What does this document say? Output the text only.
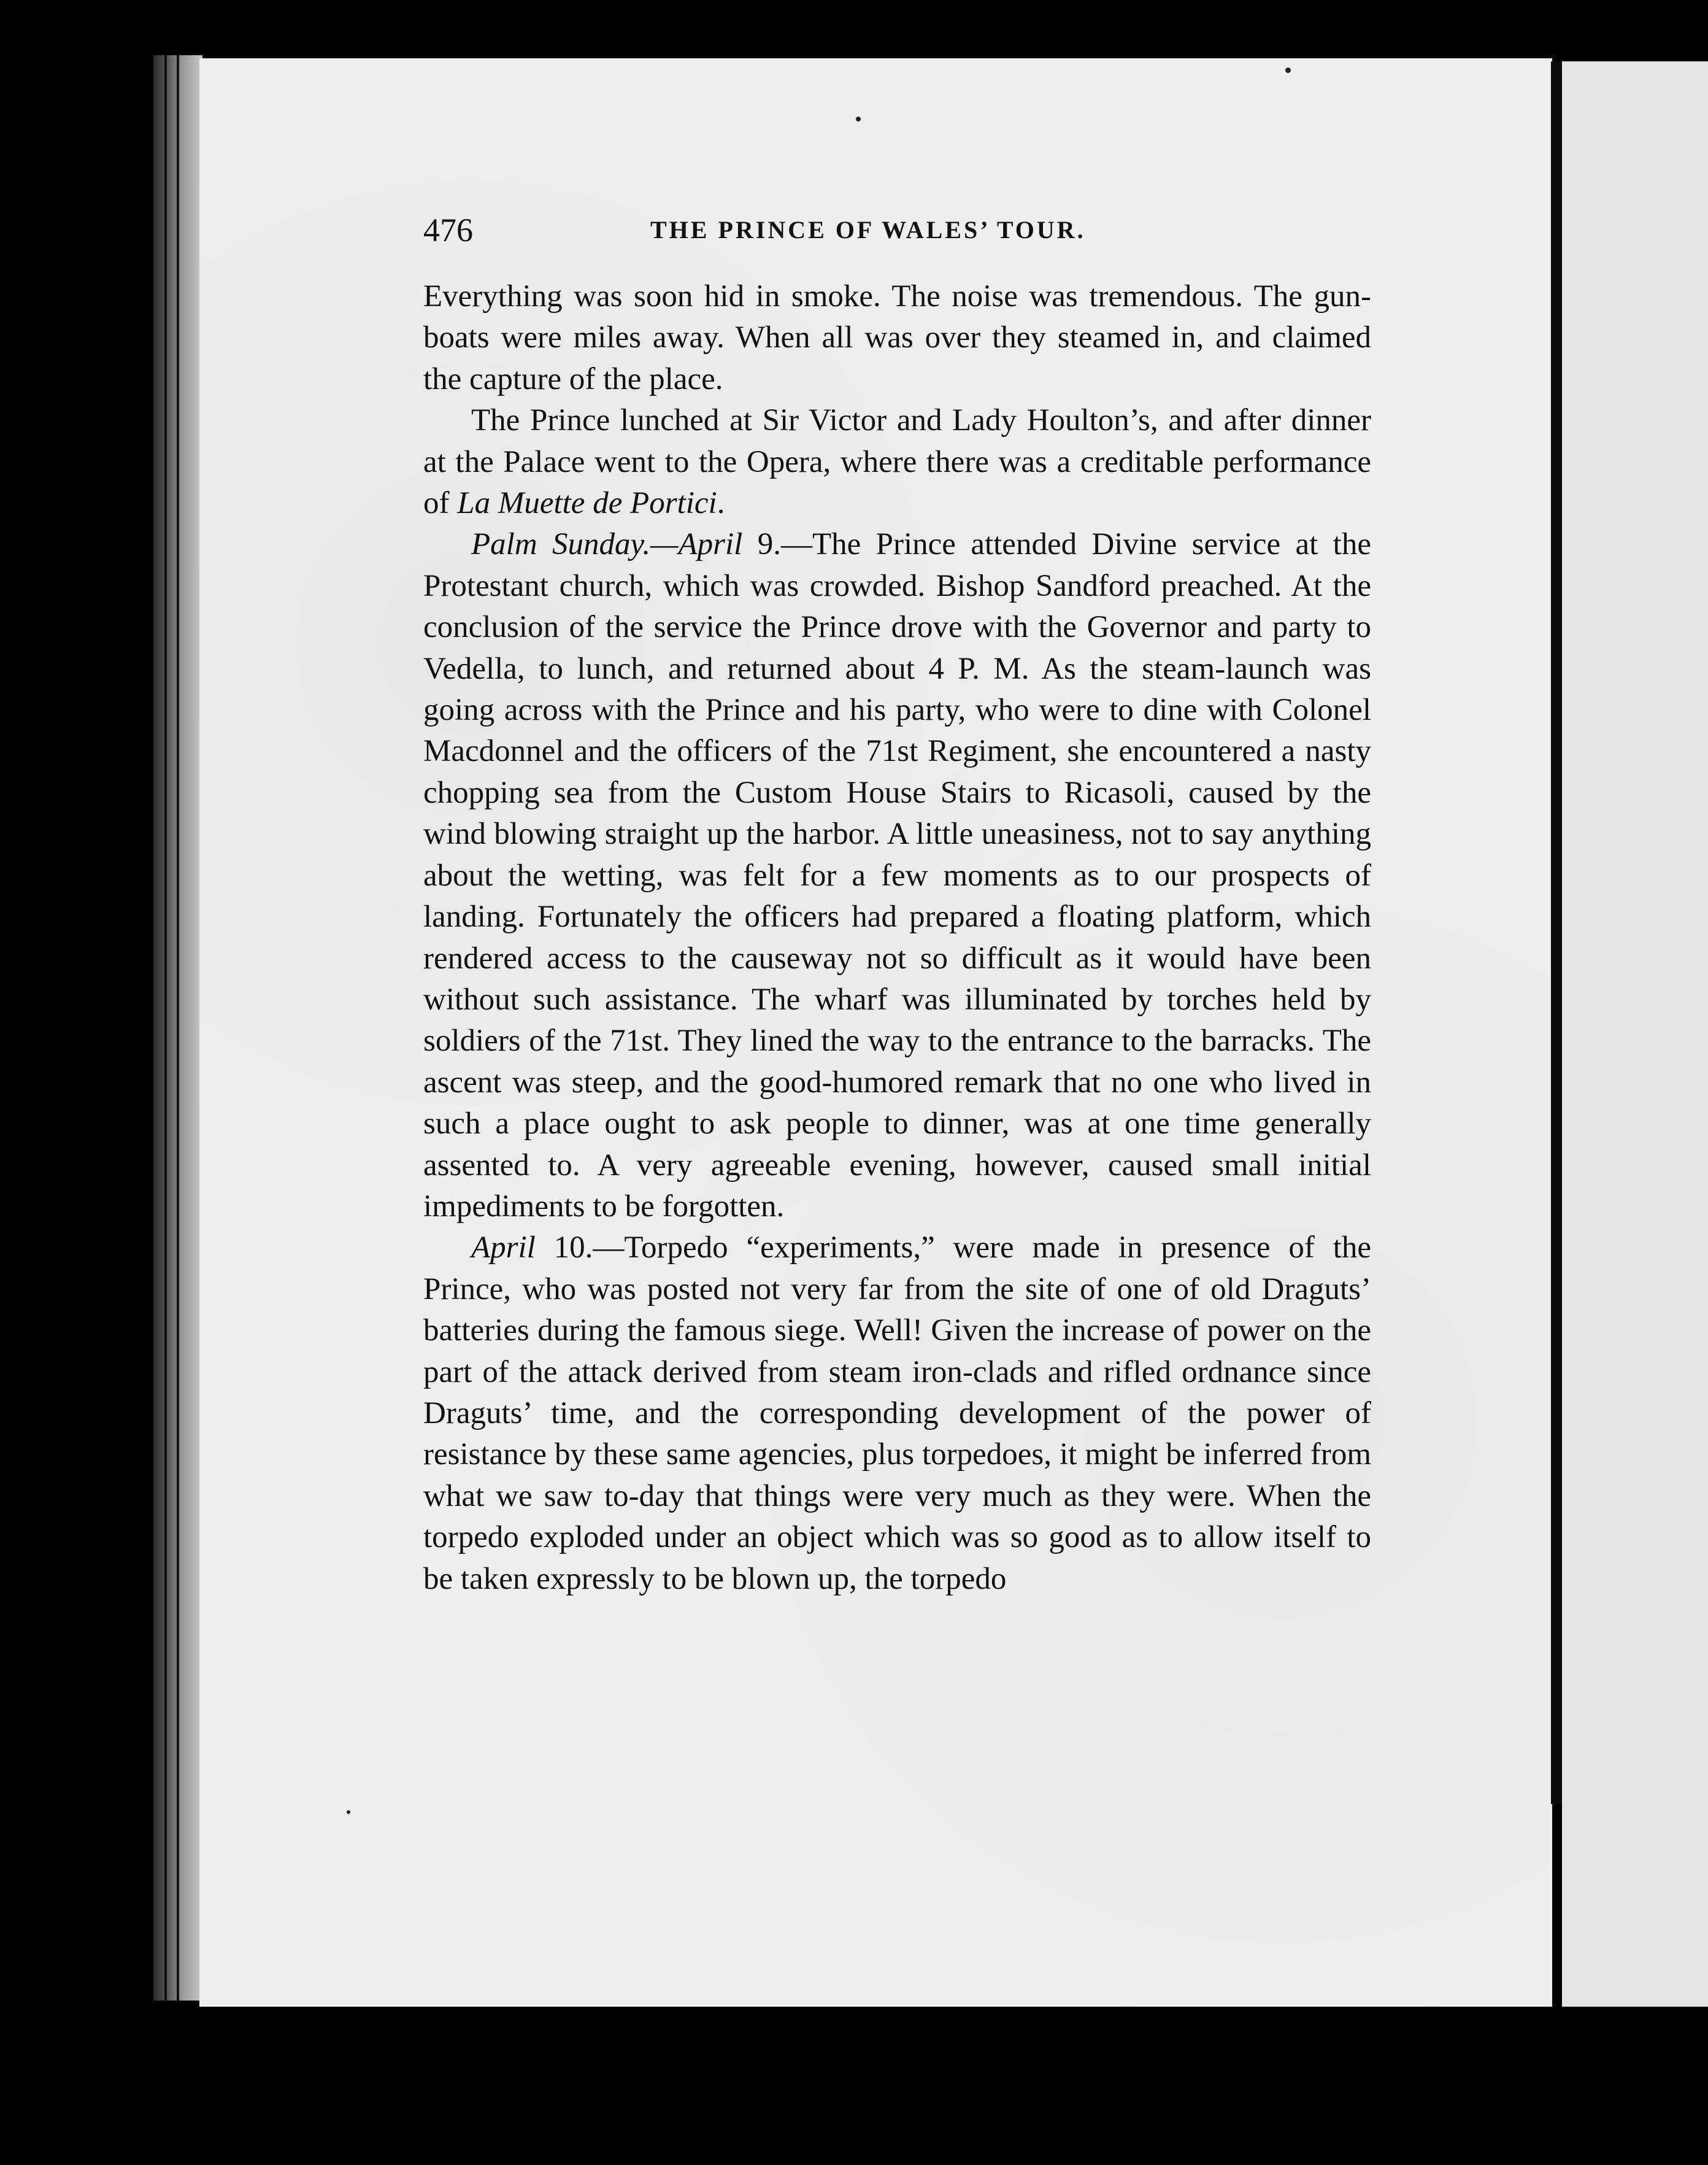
476	THE PRINCE OF WALES’ TOUR.

Everything was soon hid in smoke. The noise was tremendous. The gun-boats were miles away. When all was over they steamed in, and claimed the capture of the place.

The Prince lunched at Sir Victor and Lady Houlton’s, and after dinner at the Palace went to the Opera, where there was a creditable performance of La Muette de Portici.

Palm Sunday.—April 9.—The Prince attended Divine service at the Protestant church, which was crowded. Bishop Sandford preached. At the conclusion of the service the Prince drove with the Governor and party to Vedella, to lunch, and returned about 4 P. M. As the steam-launch was going across with the Prince and his party, who were to dine with Colonel Macdonnel and the officers of the 71st Regiment, she encountered a nasty chopping sea from the Custom House Stairs to Ricasoli, caused by the wind blowing straight up the harbor. A little uneasiness, not to say anything about the wetting, was felt for a few moments as to our prospects of landing. Fortunately the officers had prepared a floating platform, which rendered access to the causeway not so difficult as it would have been without such assistance. The wharf was illuminated by torches held by soldiers of the 71st. They lined the way to the entrance to the barracks. The ascent was steep, and the good-humored remark that no one who lived in such a place ought to ask people to dinner, was at one time generally assented to. A very agreeable evening, however, caused small initial impediments to be forgotten.

April 10.—Torpedo “experiments,” were made in presence of the Prince, who was posted not very far from the site of one of old Draguts’ batteries during the famous siege. Well! Given the increase of power on the part of the attack derived from steam iron-clads and rifled ordnance since Draguts’ time, and the corresponding development of the power of resistance by these same agencies, plus torpedoes, it might be inferred from what we saw to-day that things were very much as they were. When the torpedo exploded under an object which was so good as to allow itself to be taken expressly to be blown up, the torpedo
